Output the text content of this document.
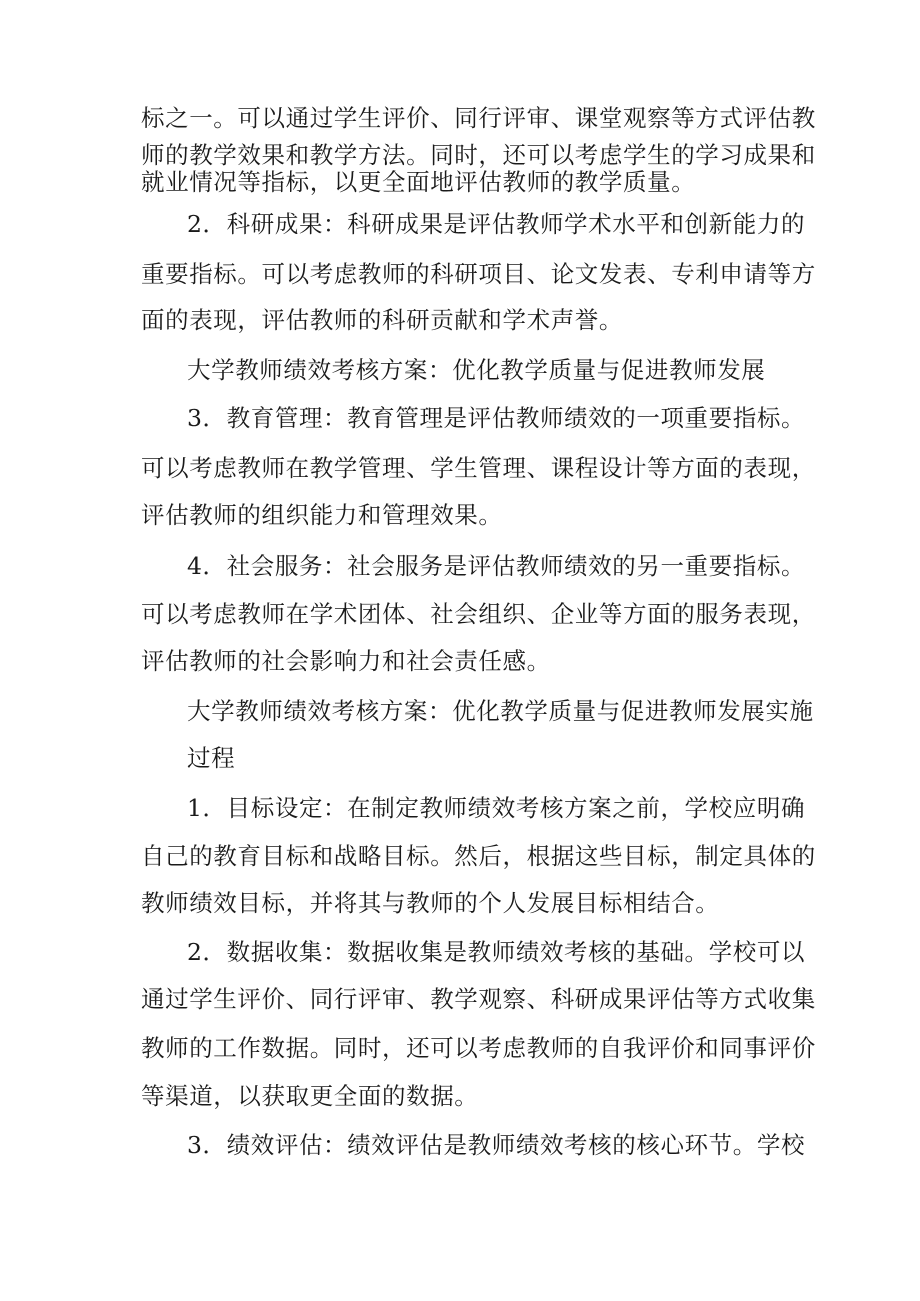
标之一。可以通过学生评价、同行评审、课堂观察等方式评估教
师的教学效果和教学方法。同时，还可以考虑学生的学习成果和
就业情况等指标，以更全面地评估教师的教学质量。
2．科研成果：科研成果是评估教师学术水平和创新能力的
重要指标。可以考虑教师的科研项目、论文发表、专利申请等方
面的表现，评估教师的科研贡献和学术声誉。
大学教师绩效考核方案：优化教学质量与促进教师发展
3．教育管理：教育管理是评估教师绩效的一项重要指标。
可以考虑教师在教学管理、学生管理、课程设计等方面的表现，
评估教师的组织能力和管理效果。
4．社会服务：社会服务是评估教师绩效的另一重要指标。
可以考虑教师在学术团体、社会组织、企业等方面的服务表现，
评估教师的社会影响力和社会责任感。
大学教师绩效考核方案：优化教学质量与促进教师发展实施
过程
1．目标设定：在制定教师绩效考核方案之前，学校应明确
自己的教育目标和战略目标。然后，根据这些目标，制定具体的
教师绩效目标，并将其与教师的个人发展目标相结合。
2．数据收集：数据收集是教师绩效考核的基础。学校可以
通过学生评价、同行评审、教学观察、科研成果评估等方式收集
教师的工作数据。同时，还可以考虑教师的自我评价和同事评价
等渠道，以获取更全面的数据。
3．绩效评估：绩效评估是教师绩效考核的核心环节。学校
